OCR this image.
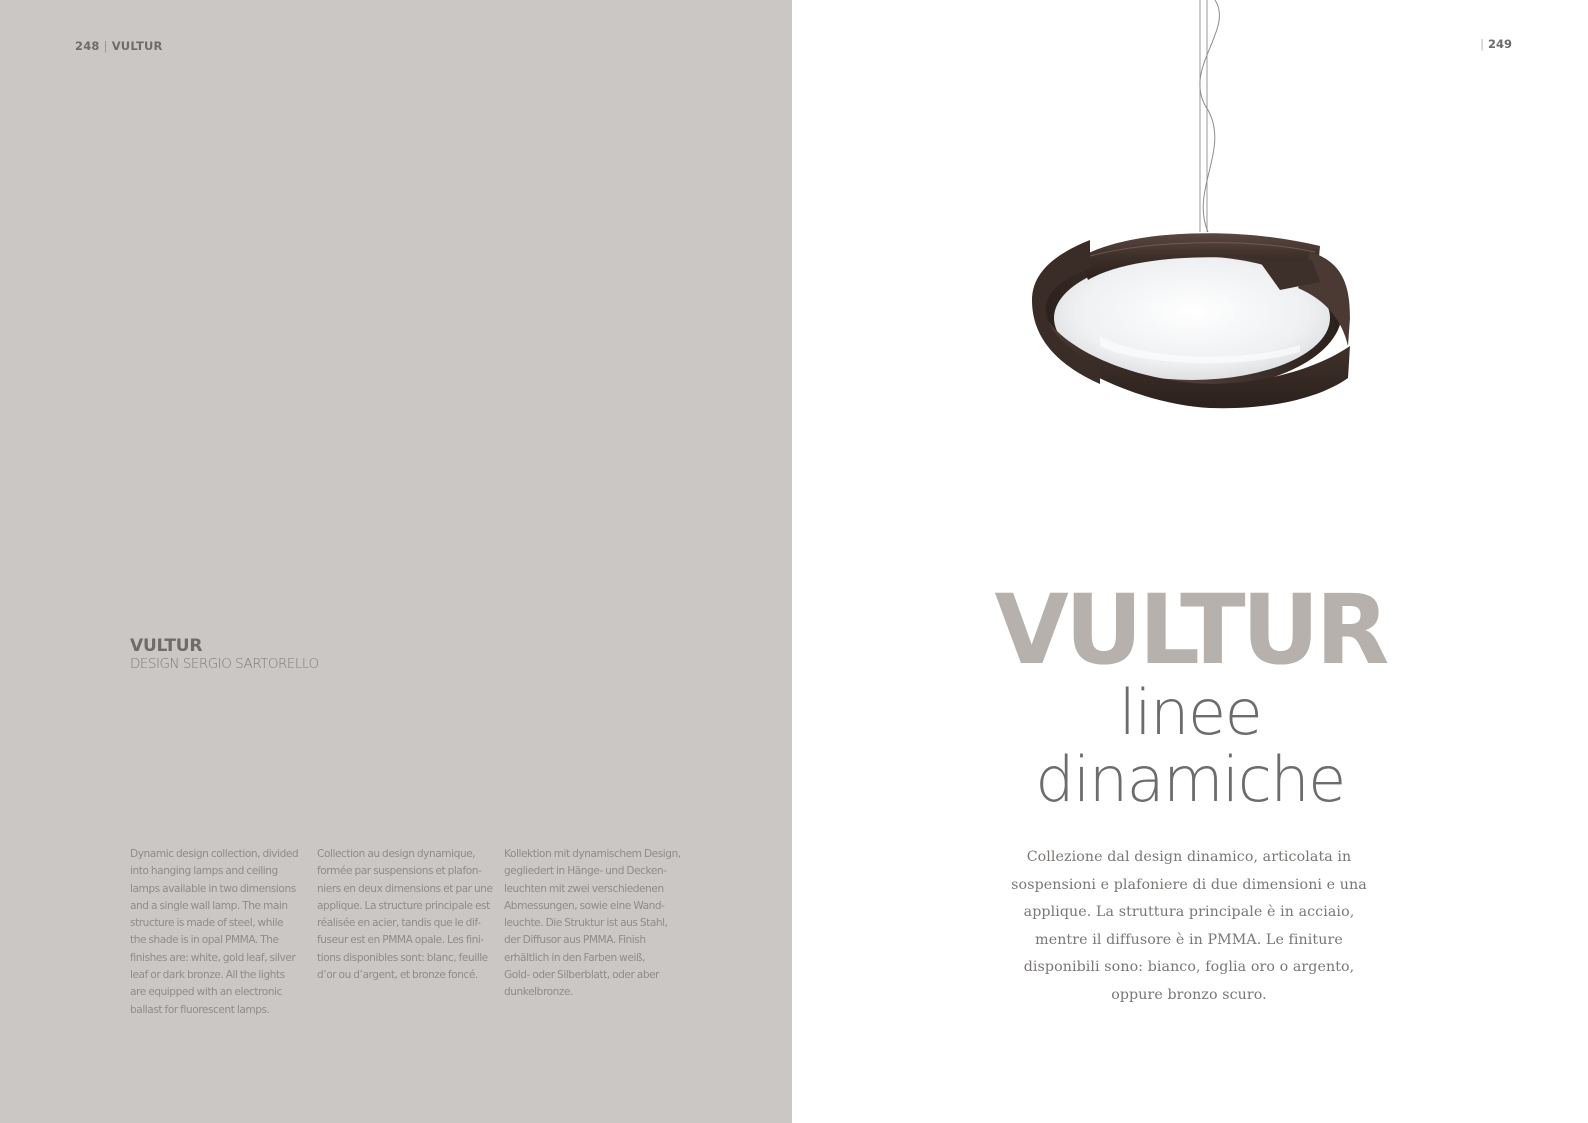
248 | VULTUR
VULTUR
DESIGN SERGIO SARTORELLO
Dynamic design collection, divided
into hanging lamps and ceiling
lamps available in two dimensions
and a single wall lamp. The main
structure is made of steel, while
the shade is in opal PMMA. The
finishes are: white, gold leaf, silver
leaf or dark bronze. All the lights
are equipped with an electronic
ballast for fluorescent lamps.
Collection au design dynamique,
formée par suspensions et plafon-
niers en deux dimensions et par une
applique. La structure principale est
réalisée en acier, tandis que le dif-
fuseur est en PMMA opale. Les fini-
tions disponibles sont: blanc, feuille
d’or ou d’argent, et bronze foncé.
Kollektion mit dynamischem Design,
gegliedert in Hänge- und Decken-
leuchten mit zwei verschiedenen
Abmessungen, sowie eine Wand-
leuchte. Die Struktur ist aus Stahl,
der Diffusor aus PMMA. Finish
erhältlich in den Farben weiß,
Gold- oder Silberblatt, oder aber
dunkelbronze.
| 249
VULTUR
linee
dinamiche
Collezione dal design dinamico, articolata in
sospensioni e plafoniere di due dimensioni e una
applique. La struttura principale è in acciaio,
mentre il diffusore è in PMMA. Le finiture
disponibili sono: bianco, foglia oro o argento,
oppure bronzo scuro.
